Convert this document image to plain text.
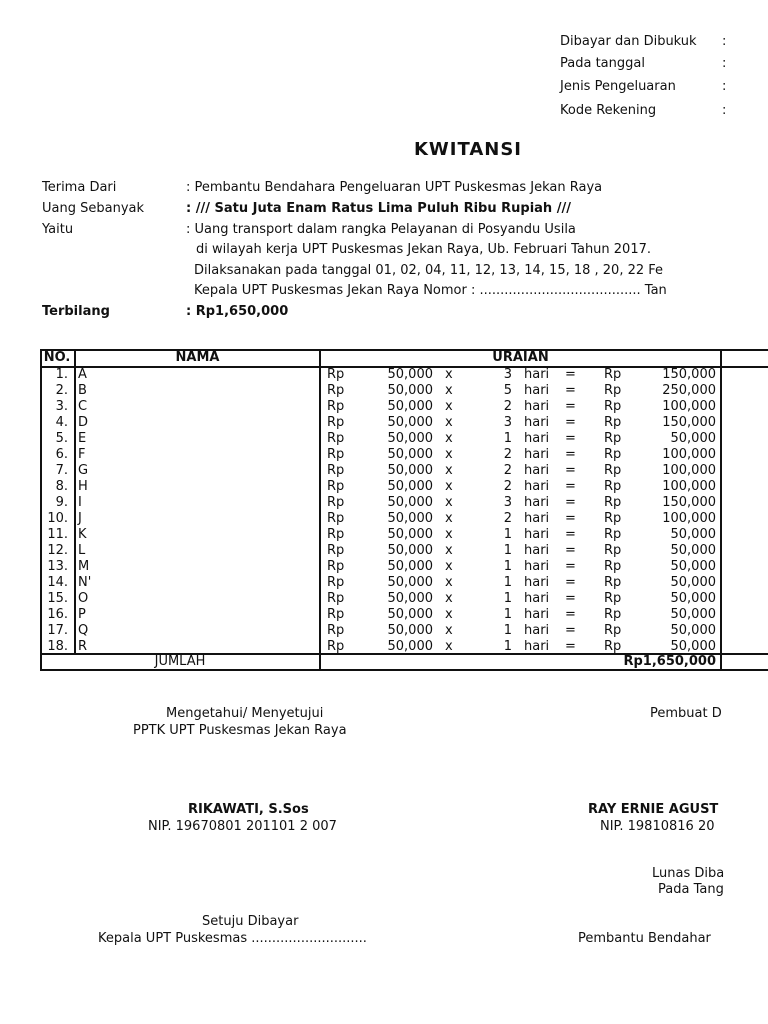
Dibayar dan Dibukuk :
Pada tanggal	:
Jenis Pengeluaran	:
Kode Rekening	:
KWITANSI
Terima Dari	: Pembantu Bendahara Pengeluaran UPT Puskesmas Jekan Raya
Uang Sebanyak	: /// Satu Juta Enam Ratus Lima Puluh Ribu Rupiah ///
Yaitu	: Uang transport dalam rangka Pelayanan di Posyandu Usila
di wilayah kerja UPT Puskesmas Jekan Raya, Ub. Februari Tahun 2017.
Dilaksanakan pada tanggal 01, 02, 04, 11, 12, 13, 14, 15, 18 , 20, 22 Fe
Kepala UPT Puskesmas Jekan Raya Nomor : ....................................... Tan
Terbilang	: Rp1,650,000
NO.	NAMA	URAIAN
1. A	Rp	50,000 x	3 hari = Rp	150,000
2. B	Rp	50,000 x	5 hari = Rp	250,000
3. C	Rp	50,000 x	2 hari = Rp	100,000
4. D	Rp	50,000 x	3 hari = Rp	150,000
5. E	Rp	50,000 x	1 hari = Rp	50,000
6. F	Rp	50,000 x	2 hari = Rp	100,000
7. G	Rp	50,000 x	2 hari = Rp	100,000
8. H	Rp	50,000 x	2 hari = Rp	100,000
9. I	Rp	50,000 x	3 hari = Rp	150,000
10. J	Rp	50,000 x	2 hari = Rp	100,000
11. K	Rp	50,000 x	1 hari = Rp	50,000
12. L	Rp	50,000 x	1 hari = Rp	50,000
13. M	Rp	50,000 x	1 hari = Rp	50,000
14. N'	Rp	50,000 x	1 hari = Rp	50,000
15. O	Rp	50,000 x	1 hari = Rp	50,000
16. P	Rp	50,000 x	1 hari = Rp	50,000
17. Q	Rp	50,000 x	1 hari = Rp	50,000
18. R	Rp	50,000 x	1 hari = Rp	50,000
JUMLAH	Rp1,650,000
Mengetahui/ Menyetujui
PPTK UPT Puskesmas Jekan Raya
Pembuat D
RIKAWATI, S.Sos
NIP. 19670801 201101 2 007
RAY ERNIE AGUST
NIP. 19810816 20
Lunas Diba
Pada Tang
Setuju Dibayar
Kepala UPT Puskesmas ............................	Pembantu Bendahar
